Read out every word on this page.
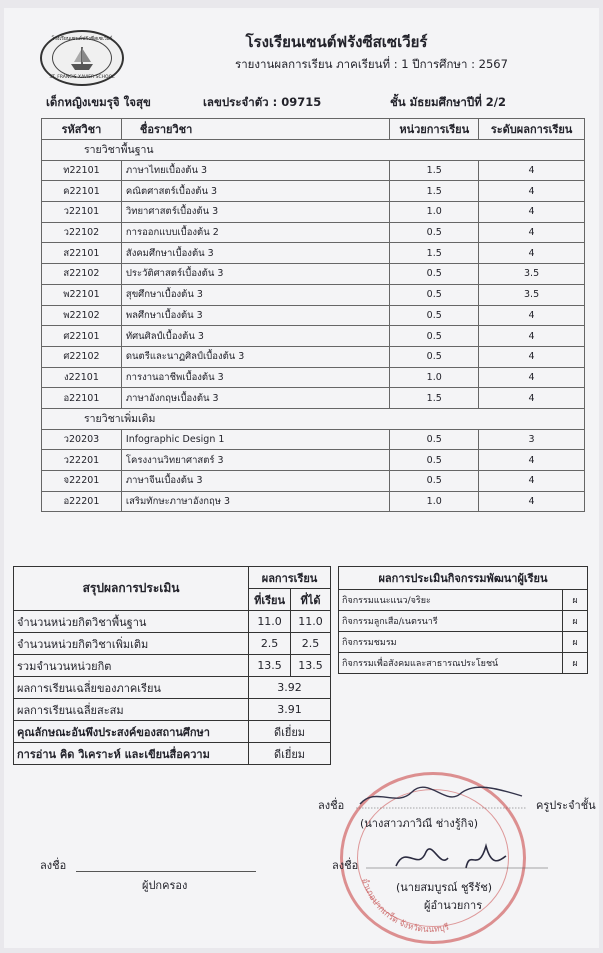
โรงเรียนเซนต์ฟรังซีสเซเวียร์
ST. FRANCIS XAVIER SCHOOL
โรงเรียนเซนต์ฟรังซีสเซเวียร์
รายงานผลการเรียน ภาคเรียนที่ : 1 ปีการศึกษา : 2567
เด็กหญิงเขมรุจิ ใจสุข	เลขประจำตัว : 09715	ชั้น มัธยมศึกษาปีที่ 2/2
รหัสวิชา	ชื่อรายวิชา	หน่วยการเรียน	ระดับผลการเรียน
รายวิชาพื้นฐาน			
ท22101	ภาษาไทยเบื้องต้น 3	1.5	4
ค22101	คณิตศาสตร์เบื้องต้น 3	1.5	4
ว22101	วิทยาศาสตร์เบื้องต้น 3	1.0	4
ว22102	การออกแบบเบื้องต้น 2	0.5	4
ส22101	สังคมศึกษาเบื้องต้น 3	1.5	4
ส22102	ประวัติศาสตร์เบื้องต้น 3	0.5	3.5
พ22101	สุขศึกษาเบื้องต้น 3	0.5	3.5
พ22102	พลศึกษาเบื้องต้น 3	0.5	4
ศ22101	ทัศนศิลป์เบื้องต้น 3	0.5	4
ศ22102	ดนตรีและนาฏศิลป์เบื้องต้น 3	0.5	4
ง22101	การงานอาชีพเบื้องต้น 3	1.0	4
อ22101	ภาษาอังกฤษเบื้องต้น 3	1.5	4
รายวิชาเพิ่มเติม			
ว20203	Infographic Design 1	0.5	3
ว22201	โครงงานวิทยาศาสตร์ 3	0.5	4
จ22201	ภาษาจีนเบื้องต้น 3	0.5	4
อ22201	เสริมทักษะภาษาอังกฤษ 3	1.0	4
สรุปผลการประเมิน	ผลการเรียน	
	ที่เรียน	ที่ได้
จำนวนหน่วยกิตวิชาพื้นฐาน	11.0	11.0
จำนวนหน่วยกิตวิชาเพิ่มเติม	2.5	2.5
รวมจำนวนหน่วยกิต	13.5	13.5
ผลการเรียนเฉลี่ยของภาคเรียน	3.92	
ผลการเรียนเฉลี่ยสะสม	3.91	
คุณลักษณะอันพึงประสงค์ของสถานศึกษา	ดีเยี่ยม	
การอ่าน คิด วิเคราะห์ และเขียนสื่อความ	ดีเยี่ยม	
ผลการประเมินกิจกรรมพัฒนาผู้เรียน	
กิจกรรมแนะแนว/จริยะ	ผ
กิจกรรมลูกเสือ/เนตรนารี	ผ
กิจกรรมชมรม	ผ
กิจกรรมเพื่อสังคมและสาธารณประโยชน์	ผ
อำเภอปากเกร็ด จังหวัดนนทบุรี
ลงชื่อ	ครูประจำชั้น
(นางสาวภาวิณี ช่างรู้กิจ)
ลงชื่อ
ผู้ปกครอง
ลงชื่อ
(นายสมบูรณ์ ชูรีรัช)
ผู้อำนวยการ
